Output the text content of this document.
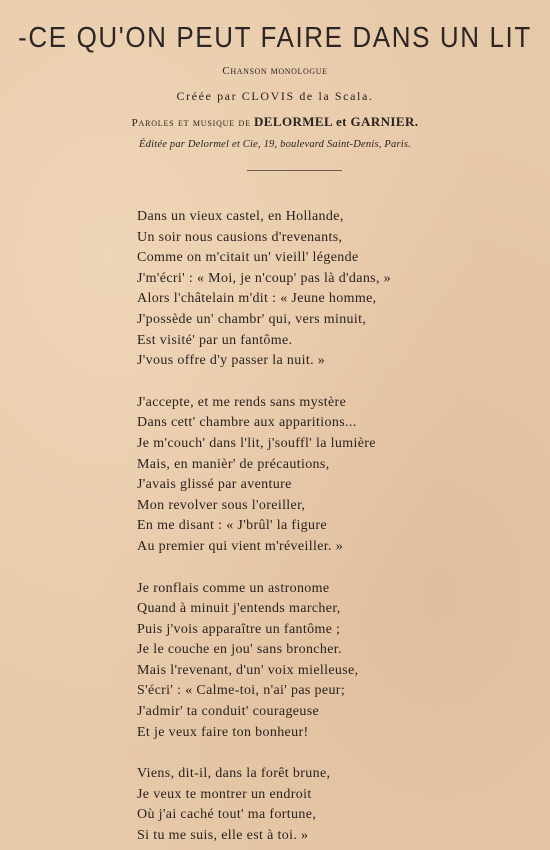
-CE QU'ON PEUT FAIRE DANS UN LIT
Chanson monologue
Créée par CLOVIS de la Scala.
Paroles et musique de DELORMEL et GARNIER.
Éditée par Delormel et Cie, 19, boulevard Saint-Denis, Paris.
Dans un vieux castel, en Hollande,
Un soir nous causions d'revenants,
Comme on m'citait un' vieill' légende
J'm'écri' : « Moi, je n'coup' pas là d'dans, »
Alors l'châtelain m'dit : « Jeune homme,
J'possède un' chambr' qui, vers minuit,
Est visité' par un fantôme.
J'vous offre d'y passer la nuit. »
J'accepte, et me rends sans mystère
Dans cett' chambre aux apparitions...
Je m'couch' dans l'lit, j'souffl' la lumière
Mais, en manièr' de précautions,
J'avais glissé par aventure
Mon revolver sous l'oreiller,
En me disant : « J'brûl' la figure
Au premier qui vient m'réveiller. »
Je ronflais comme un astronome
Quand à minuit j'entends marcher,
Puis j'vois apparaître un fantôme ;
Je le couche en jou' sans broncher.
Mais l'revenant, d'un' voix mielleuse,
S'écri' : « Calme-toi, n'ai' pas peur;
J'admir' ta conduit' courageuse
Et je veux faire ton bonheur!
Viens, dit-il, dans la forêt brune,
Je veux te montrer un endroit
Où j'ai caché tout' ma fortune,
Si tu me suis, elle est à toi. »
